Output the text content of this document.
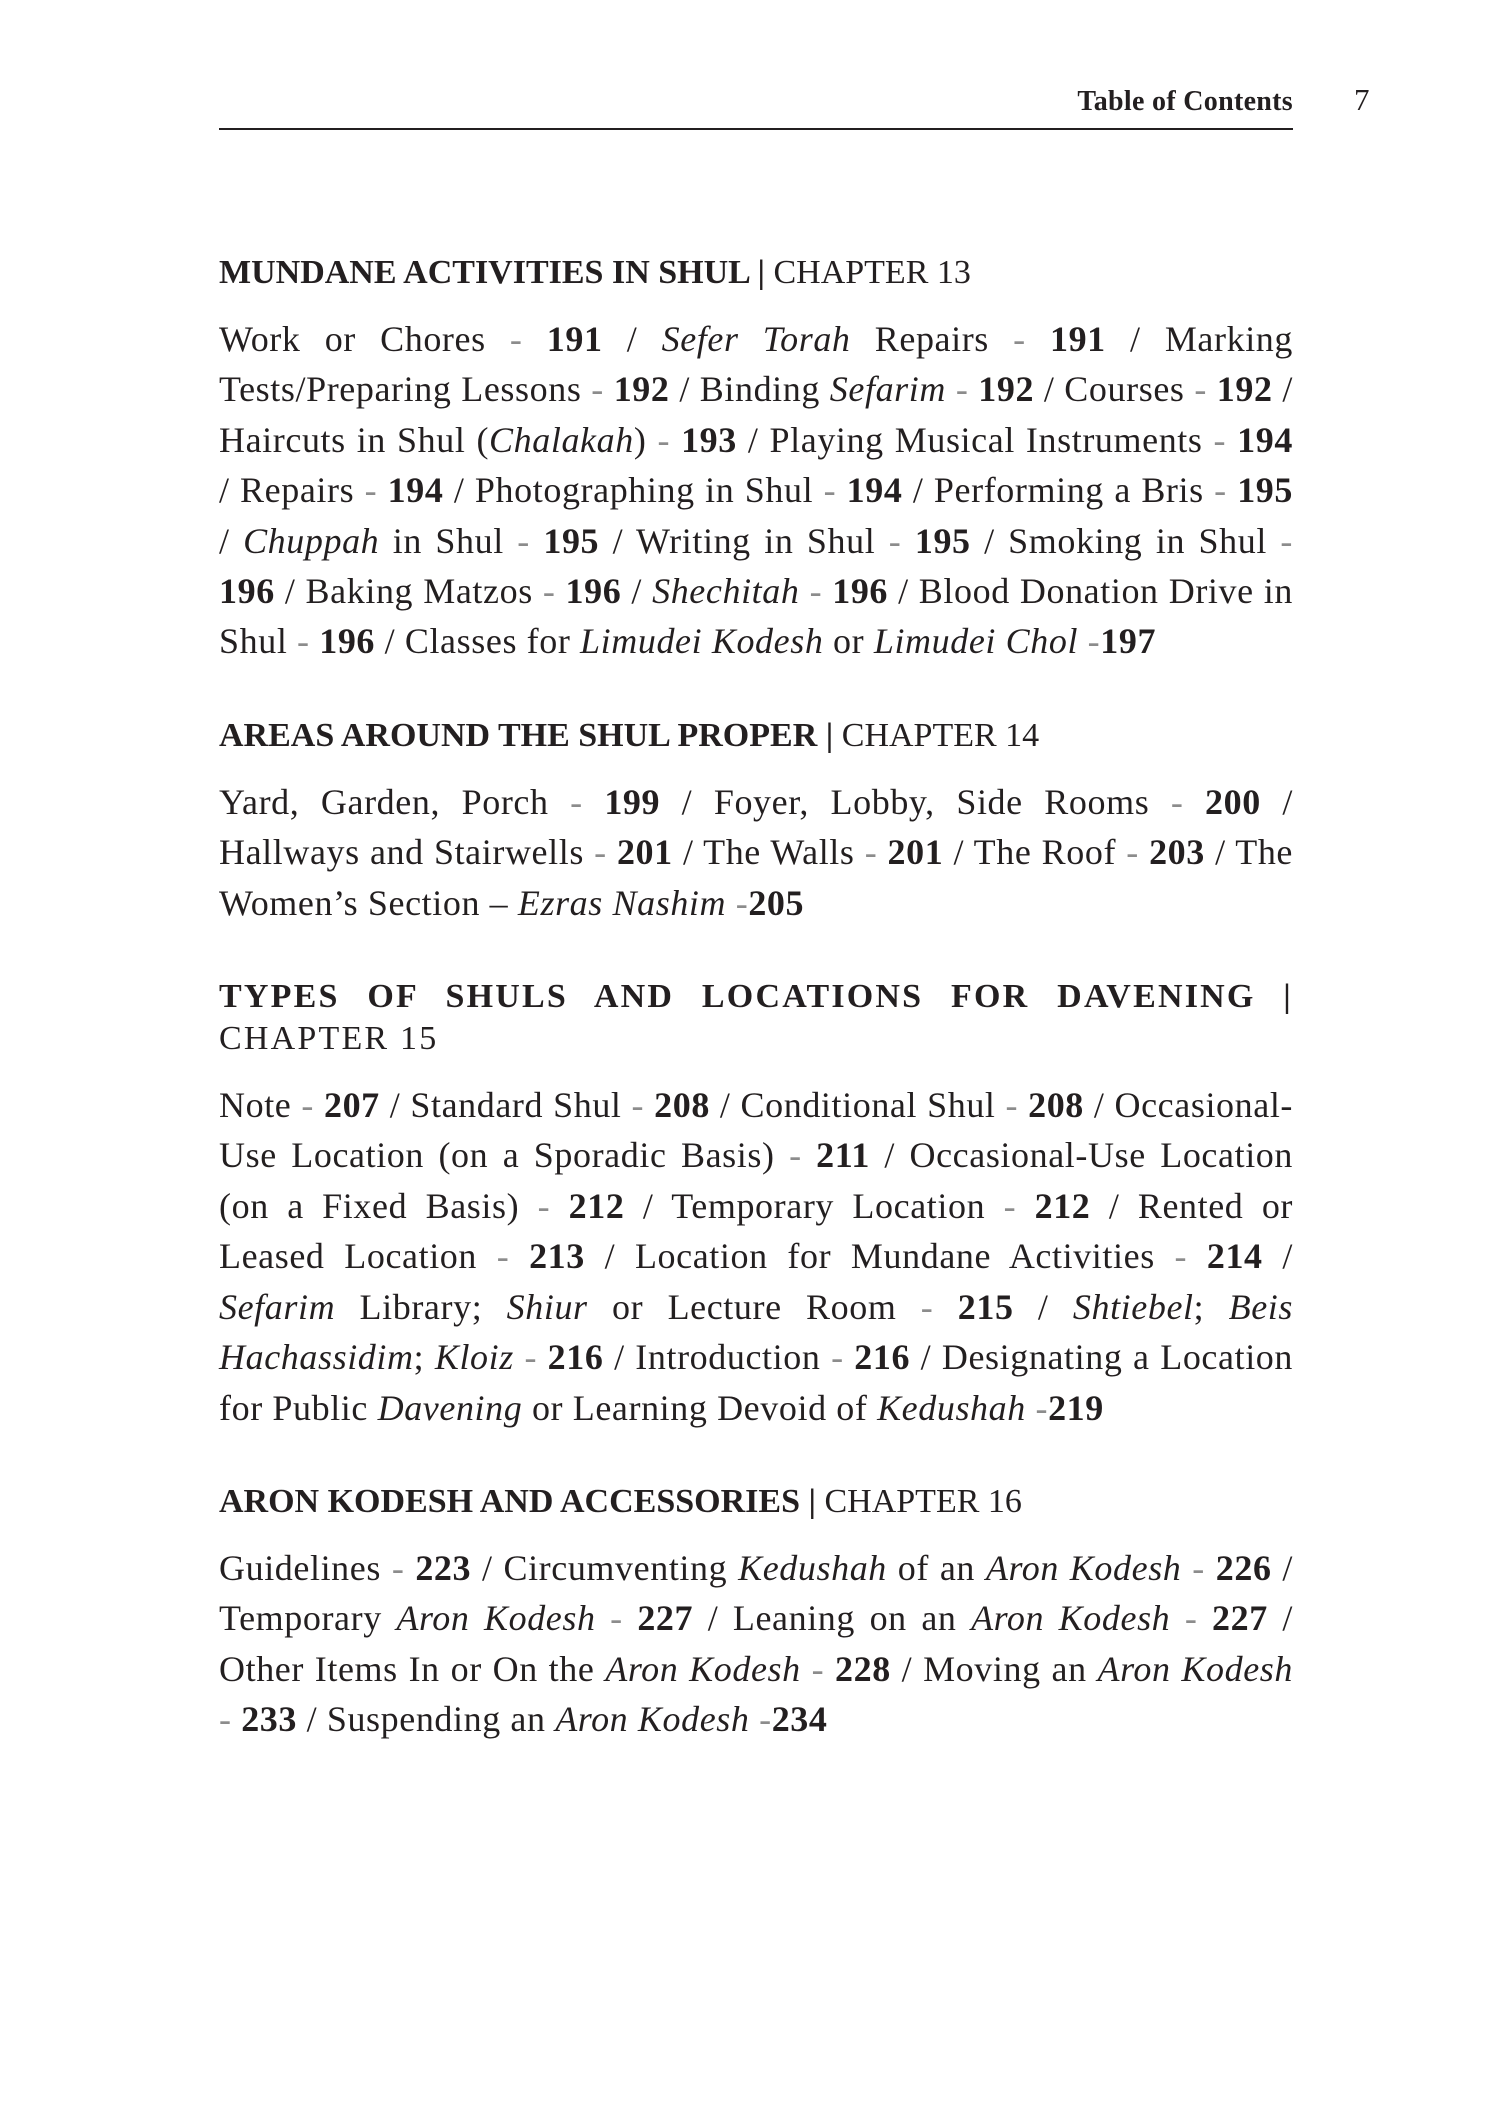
Table of Contents 7
MUNDANE ACTIVITIES IN SHUL | CHAPTER 13

Work or Chores - 191 / Sefer Torah Repairs - 191 / Marking Tests/Preparing Lessons - 192 / Binding Sefarim - 192 / Courses - 192 / Haircuts in Shul (Chalakah) - 193 / Playing Musical Instruments - 194 / Repairs - 194 / Photographing in Shul - 194 / Performing a Bris - 195 / Chuppah in Shul - 195 / Writing in Shul - 195 / Smoking in Shul - 196 / Baking Matzos - 196 / Shechitah - 196 / Blood Donation Drive in Shul - 196 / Classes for Limudei Kodesh or Limudei Chol -197

AREAS AROUND THE SHUL PROPER | CHAPTER 14

Yard, Garden, Porch - 199 / Foyer, Lobby, Side Rooms - 200 / Hallways and Stairwells - 201 / The Walls - 201 / The Roof - 203 / The Women’s Section – Ezras Nashim -205

TYPES OF SHULS AND LOCATIONS FOR DAVENING | CHAPTER 15

Note - 207 / Standard Shul - 208 / Conditional Shul - 208 / Occasional-Use Location (on a Sporadic Basis) - 211 / Occasional-Use Location (on a Fixed Basis) - 212 / Temporary Location - 212 / Rented or Leased Location - 213 / Location for Mundane Activities - 214 / Sefarim Library; Shiur or Lecture Room - 215 / Shtiebel; Beis Hachassidim; Kloiz - 216 / Introduction - 216 / Designating a Location for Public Davening or Learning Devoid of Kedushah -219

ARON KODESH AND ACCESSORIES | CHAPTER 16

Guidelines - 223 / Circumventing Kedushah of an Aron Kodesh - 226 / Temporary Aron Kodesh - 227 / Leaning on an Aron Kodesh - 227 / Other Items In or On the Aron Kodesh - 228 / Moving an Aron Kodesh - 233 / Suspending an Aron Kodesh -234
